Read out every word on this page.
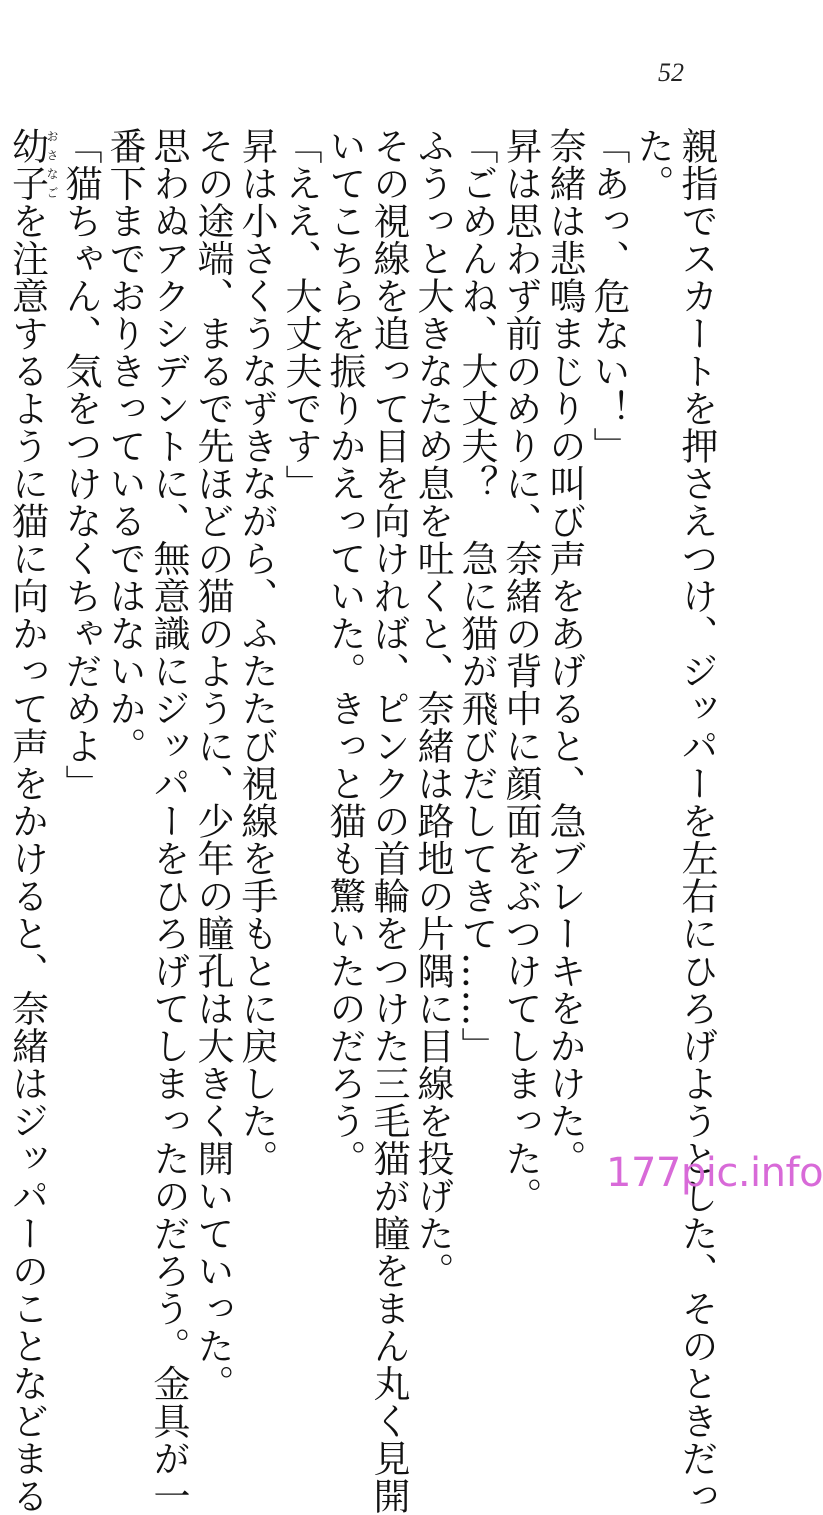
52
親指でスカートを押さえつけ、ジッパーを左右にひろげようとした、そのときだっ
た。
「あっ、危ない！」
奈緒は悲鳴まじりの叫び声をあげると、急ブレーキをかけた。
昇は思わず前のめりに、奈緒の背中に顔面をぶつけてしまった。
「ごめんね、大丈夫？　急に猫が飛びだしてきて……」
ふうっと大きなため息を吐くと、奈緒は路地の片隅に目線を投げた。
その視線を追って目を向ければ、ピンクの首輪をつけた三毛猫が瞳をまん丸く見開
いてこちらを振りかえっていた。きっと猫も驚いたのだろう。
「ええ、大丈夫です」
昇は小さくうなずきながら、ふたたび視線を手もとに戻した。
その途端、まるで先ほどの猫のように、少年の瞳孔は大きく開いていった。
思わぬアクシデントに、無意識にジッパーをひろげてしまったのだろう。金具が一
番下までおりきっているではないか。
「猫ちゃん、気をつけなくちゃだめよ」
幼子おさなごを注意するように猫に向かって声をかけると、奈緒はジッパーのことなどまる	177pic.info
